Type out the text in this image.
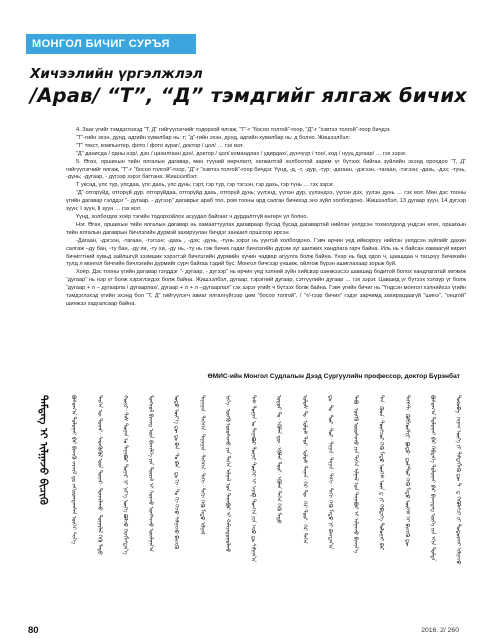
МОНГОЛ БИЧИГ СУРЪЯ
Хичээлийн үргэлжлэл
/Арав/ “Т”, “Д” тэмдгийг ялгаж бичих

4. Зааг үгийг тэмдэглэхэд “Т, Д” гийгүүлэгчийг тодорхой ялгаж, “Т”-г “босоо толгой”-гоор, “Д”-г “хэвтээ толгой”-гоор бичдэг.

“Т”-гийн эхэн, дунд, адгийн хувилбар нь: т; “д”-гийн эхэн, дунд, адгийн хувилбар нь: д болно. Жишээлбэл:

“Т” текст, компьютер, фото / фото зураг/, доктор / цол/ … гэх мэт.

“Д” данисда / одны нэр/, дэн / цахилгаан дэн/, доктор / цол/ командлах / удирдах/, дүнчүүр / тоо/, код / нууц дугаар/ … гэх зэрэг.

5. Өгөх, оршихын тийн ялгалын дагавар, мөн түүний өөрчлөлт, хөгжилтэй холбоотой зарим үг бүтээх бийгаа зүйлийн эхэнд орохдоо “Т, Д” гийгүүлэгчийг ялгаж, “Т”-г “босоо толгой”-гоор, “Д”-г “хэвтээ толгой”-гоор бичдэг. Үүнд, -д, -т, -дур, -тур; -дагаан, -дэгээн, -тагаан, -тэгээн; -дахь, -дэх; -тунь, -дүнь; -дугаар, - дүгээр зэрэг багтана. Жишээлбэл:

Т уксад, үлс тур, улсдаа, үлс дахь, үлс дунь; гэрт, гэр тур, гэр тэгээн, гэр дахь, гэр түнь … гэх зэрэг.

“Д” отгорүйд, отгорүй дур, отгорүйдаа, отгорүйд дахь, отгорүй дунь; үүлэнд, үүлэн дур, үүлэндээ, үүлэн дэх, үүлэн дунь … гэх мэт. Мөн дэс тооны үгийн дагавар гэлддэг “- дугаар, - дүгээр” дагаврыг араб тоо, ром тооны ард салган бичихэд энэ зүйл холбогдоно. Жишээлбэл, 13 дугаар зуун, 14 дүгээр зуун; Ⅰ зуун, Ⅱ зуун … гэх мэт.

Үүнд, холбогдох хоёр тэгийн тодорхойлох асуудал байгааг ч дурдалтгүй өнгөрч үл болно.

Нэг. Өгөх, оршихын тийн ялгалын дагавар нь хамааттуулах дагавраар бусад бусад дагавартай нийлэн үелдсэн тохиолдолд үндсэн өгөх, оршихын тийн ялгалын дагаврын бичлэгийн дүрмэй захирүулан бичдэг заншил оршсоор ирсэн.

-Дагаан, -дэгээн, -тагаан, -тэгээн; -дахь , -дэх; -дүнь, -түнь зэрэг нь үүнтэй холбогдоно. Гэвч өрчин үед иймэрхүү нийлэн үелдсэн зүйлийг дахин салгаж –ду бан, -ту бан, -ду хи, -ту хи, -ду нь, -ту нь гэж бичих гадаг бичлэгийн дүрэм зүг шилжих хандлага гарч байна. Иль нь ч байсан хамаагүй кирил бичиггтний хувьд зайлшгүй зэзмшик хэрэгтэй бичлэгийн дүрмийн хүчин чадвар агуулга болж байна. Үнэр нь бид одоо ч, цаашдаа ч тагцхүү бичихийн тулд л монгол бичгийн бичлэгийн дүрмийг сурч байгаа тэдий бус. Монгол бичгээр үншиж, ойлгож бүрэн ашиглахаар зорьж буй.

Хоёр. Дэс тооны үгийн дагавар гэлддэг “- дугаар, - дүгээр” нь өрчин үед хэлний зүйн хийсвэр шинжээсээ шавшид бодитой болох хандлагатай хөгжиж “дугаар” нь нэр үг болж хэрэглэгдэх болж байна. Жишээлбэл, дугаар, тэрэгний дугаар, сэтгүүлийн дугаар … гэх зэрэг. Цавшид үг бүтээх хэлзүр үг болж “дугаар + л – дугаарла / дугаарлах/, дугаар + л + л –дугаарлал” гэх зэрэг үгийг ч бүтээх болж байна. Гэвч үгийн бичиг нь “Үндсэн монгол хэлнийхээ үгийн тэмдэглэхэд үгийн эхэнд бол “Т, Д” гийгүүлэгч авиаг ялгалгүйгээр цөм “босоо толгой”, / “т/-гээр бичих” гэдэг зарчимд захирагдаагүй “шинэ”, “онцгой” шинжээ хадгалсаар байна.

ӨМИС-ийн Монгол Судлалын Дээд Сургуулийн профессор, доктор Бүрэнбат
ᠳᠣᠷᠤᠪᠠ᠂ ᠵᠠᠭᠠᠭ ᠦᠭᠡ ᠶᠢ ᠲᠡᠮᠳᠡᠭᠯᠡᠬᠦ ᠳᠦ ᠲ᠂ ᠳ ᠭᠡᠭᠦᠯᠡᠭᠴᠢ ᠶᠢ ᠲᠣᠳᠣᠷᠬᠠᠢ ᠢᠯᠭᠠᠵᠤ
ᠪᠣᠰᠤᠭ᠎ᠠ ᠲᠣᠯᠣᠭᠠᠢ ᠪᠠᠷ ᠬᠡᠪᠲᠡᠭᠡ ᠲᠣᠯᠣᠭᠠᠢ ᠪᠠᠷ ᠪᠢᠴᠢᠳᠡᠭ ᠦᠭᠡ ᠶᠢᠨ ᠡᠬᠢᠨ ᠳᠤᠮᠳᠠ
ᠲᠡᠻᠰᠲ᠂ ᠺᠣᠮᠫᠢᠦ᠋ᠲ᠋ᠧᠷ᠂ ᠹᠣᠲᠣ᠂ ᠳ᠋ᠣᠺᠲ᠋ᠣᠷ ᠭᠡᠬᠦ ᠮᠡᠲᠦ ᠦᠭᠡᠰ ᠢ ᠪᠢᠴᠢᠬᠦ ᠳᠦ
ᠳᠡᠨ᠂ ᠺᠣᠳ᠂ ᠳᠦᠩᠴᠦᠷ ᠭᠡᠬᠦ ᠮᠡᠲᠦ ᠦᠭᠡᠰ ᠦᠨ ᠳ ᠶᠢ ᠬᠡᠪᠲᠡᠭᠡ ᠲᠣᠯᠣᠭᠠᠢ ᠪᠠᠷ
ᠲᠠᠪᠤ᠂ ᠥᠭᠬᠦ ᠣᠷᠣᠰᠢᠬᠤ ᠶᠢᠨ ᠲᠢᠭᠡᠨ ᠢᠯᠭᠠᠯ ᠤᠨ ᠳᠠᠭᠠᠪᠤᠷ ᠢ ᠢᠯᠭᠠᠵᠤ ᠪᠢᠴᠢᠨ᠎ᠡ
ᠳᠤ᠂ ᠲᠤ᠂ ᠳᠤᠷ᠂ ᠲᠤᠷ᠂ ᠳᠠᠭᠠᠨ᠂ ᠲᠠᠭᠠᠨ᠂ ᠳᠠᠬᠢ᠂ ᠳᠡᠬᠢ ᠭᠡᠬᠦ ᠮᠡᠲᠦ ᠨᠢ ᠪᠠᠭᠲᠠᠨ᠎ᠠ
ᠤᠯᠤᠰ ᠲᠤ᠂ ᠤᠯᠤᠰ ᠲᠤᠷ᠂ ᠤᠯᠤᠰ ᠲᠠᠭᠠᠨ᠂ ᠭᠡᠷ ᠲᠦ᠂ ᠭᠡᠷ ᠲᠦᠷ᠂ ᠭᠡᠷ ᠲᠡᠭᠡᠨ
ᠣᠲᠣᠷ ᠲᠤ᠂ ᠡᠭᠦᠯᠡᠨ ᠳᠦ᠂ ᠡᠭᠦᠯᠡᠨ ᠳᠦᠷ᠂ ᠡᠭᠦᠯᠡᠨ ᠳᠡᠭᠡᠨ ᠭᠡᠬᠦ ᠮᠡᠲᠦ
ᠳᠡᠰ ᠲᠣᠭᠠᠨ ᠤ ᠳᠠᠭᠠᠪᠤᠷ ᠳᠤᠭᠠᠷ ᠳᠦᠭᠡᠷ ᠢ ᠠᠷᠠᠪ ᠲᠣᠭ᠎ᠠ ᠶᠢᠨ ᠠᠷᠤ ᠳᠤ ᠰᠠᠯᠭᠠᠨ᠎ᠠ
ᠨᠢᠭᠡ᠂ ᠥᠭᠬᠦ ᠣᠷᠣᠰᠢᠬᠤ ᠶᠢᠨ ᠲᠢᠭᠡᠨ ᠢᠯᠭᠠᠯ ᠤᠨ ᠳᠠᠭᠠᠪᠤᠷ ᠢ ᠬᠠᠮᠢᠶᠠᠳᠤᠭᠤᠯᠬᠤ
ᠳᠠᠭᠠᠭᠠᠨ᠂ ᠳᠡᠭᠡᠭᠡᠨ᠂ ᠲᠠᠭᠠᠭᠠᠨ᠂ ᠲᠡᠭᠡᠭᠡᠨ᠂ ᠳᠠᠬᠢ᠂ ᠳᠡᠬᠢ ᠭᠡᠬᠦ ᠮᠡᠲᠦ ᠢᠯᠭᠠᠯ
ᠣᠳᠣ ᠦᠶ᠎ᠡ ᠳᠦ ᠳᠤ ᠪᠠᠨ᠂ ᠲᠤ ᠪᠠᠨ᠂ ᠳᠤ ᠬᠢ᠂ ᠲᠤ ᠬᠢ ᠭᠡᠵᠦ ᠰᠠᠯᠭᠠᠵᠤ ᠪᠢᠴᠢᠬᠦ
ᠮᠣᠩᠭᠣᠯ ᠪᠢᠴᠢᠭ ᠦᠨ ᠪᠢᠴᠢᠯᠭᠡ ᠶᠢᠨ ᠳᠦᠷᠢᠮ ᠢ ᠰᠤᠷᠴᠤ ᠤᠩᠰᠢᠵᠤ ᠣᠶᠢᠯᠭᠠᠨ᠎ᠠ
ᠬᠣᠶᠠᠷ᠂ ᠳᠡᠰ ᠲᠣᠭᠠᠨ ᠤ ᠳᠠᠭᠠᠪᠤᠷ ᠳᠤᠭᠠᠷ ᠨᠢ ᠨᠡᠷ᠎ᠡ ᠦᠭᠡ ᠪᠣᠯᠵᠤ ᠬᠡᠷᠡᠭᠯᠡᠭᠳᠡᠨ᠎ᠡ
ᠲᠡᠷᠭᠡᠨ ᠦ ᠳᠤᠭᠠᠷ᠂ ᠰᠡᠳᠬᠦᠭᠦᠯ ᠦᠨ ᠳᠤᠭᠠᠷ᠂ ᠳᠤᠭᠠᠷᠯᠠᠬᠤ᠂ ᠳᠤᠭᠠᠷᠯᠠᠯ ᠭᠡᠬᠦ ᠮᠡᠲᠦ
ᠪᠣᠰᠤᠭ᠎ᠠ ᠲᠣᠯᠣᠭᠠᠢ ᠪᠠᠷ ᠪᠢᠴᠢᠬᠦ ᠵᠠᠷᠴᠢᠮ ᠳᠤ ᠵᠠᠬᠢᠷᠤᠭᠳᠠᠭᠰᠠᠨ ᠦᠭᠡᠢ ᠰᠢᠨ᠎ᠡ
ᠲᠡᠮᠳᠡᠭ ᠢ ᠢᠯᠭᠠᠵᠤ ᠪᠢᠴᠢᠬᠦ
80	2016. 2/ 260
